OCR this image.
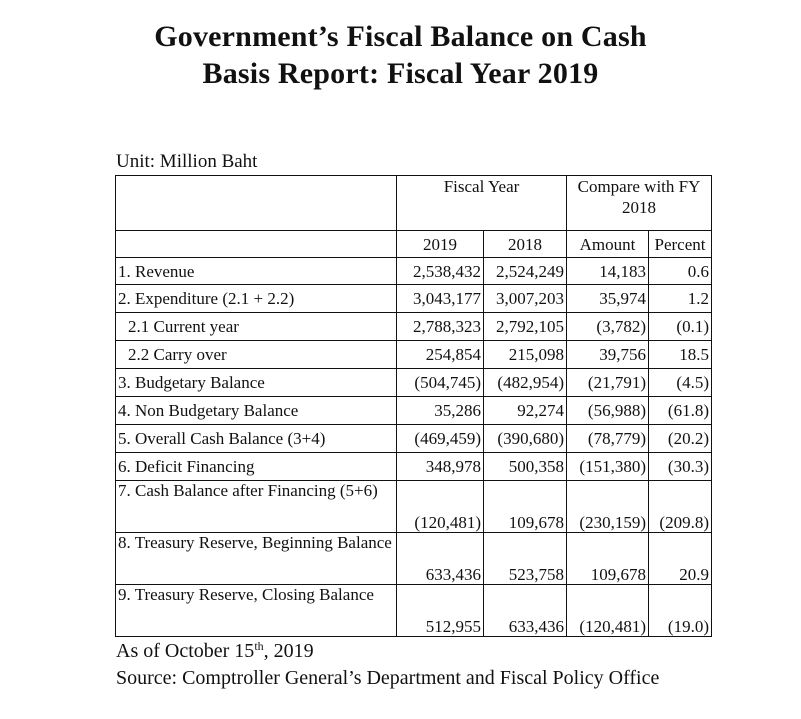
Government’s Fiscal Balance on Cash
Basis Report: Fiscal Year 2019
Unit: Million Baht
	Fiscal Year		Compare with FY 2018	
	2019	2018	Amount	Percent
1. Revenue	2,538,432	2,524,249	14,183	0.6
2. Expenditure (2.1 + 2.2)	3,043,177	3,007,203	35,974	1.2
2.1 Current year	2,788,323	2,792,105	(3,782)	(0.1)
2.2 Carry over	254,854	215,098	39,756	18.5
3. Budgetary Balance	(504,745)	(482,954)	(21,791)	(4.5)
4. Non Budgetary Balance	35,286	92,274	(56,988)	(61.8)
5. Overall Cash Balance (3+4)	(469,459)	(390,680)	(78,779)	(20.2)
6. Deficit Financing	348,978	500,358	(151,380)	(30.3)
7. Cash Balance after Financing (5+6)	(120,481)	109,678	(230,159)	(209.8)
8. Treasury Reserve, Beginning Balance	633,436	523,758	109,678	20.9
9. Treasury Reserve, Closing Balance	512,955	633,436	(120,481)	(19.0)
As of October 15th, 2019
Source: Comptroller General’s Department and Fiscal Policy Office
